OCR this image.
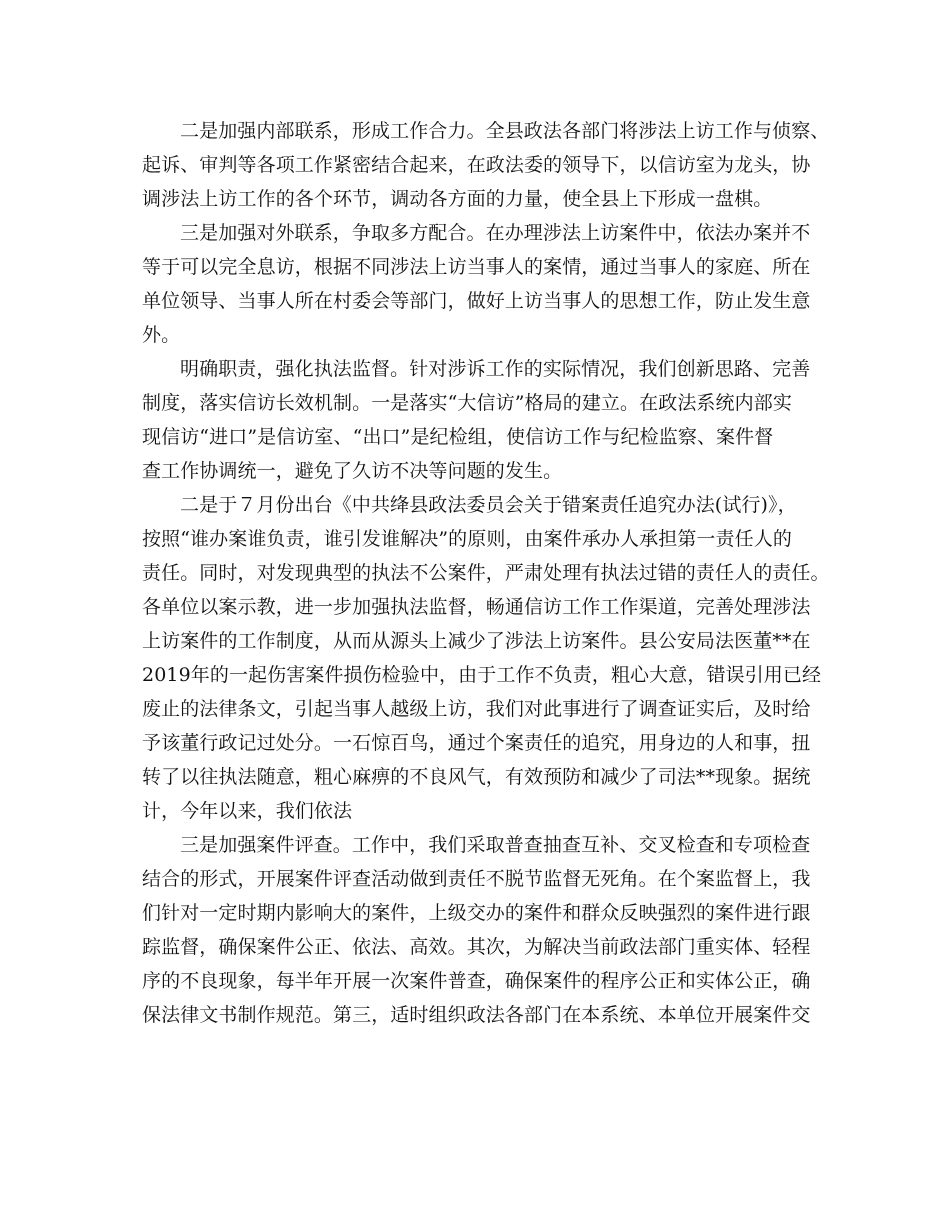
二是加强内部联系，形成工作合力。全县政法各部门将涉法上访工作与侦察、
起诉、审判等各项工作紧密结合起来，在政法委的领导下，以信访室为龙头，协
调涉法上访工作的各个环节，调动各方面的力量，使全县上下形成一盘棋。

三是加强对外联系，争取多方配合。在办理涉法上访案件中，依法办案并不
等于可以完全息访，根据不同涉法上访当事人的案情，通过当事人的家庭、所在
单位领导、当事人所在村委会等部门，做好上访当事人的思想工作，防止发生意
外。

明确职责，强化执法监督。针对涉诉工作的实际情况，我们创新思路、完善
制度，落实信访长效机制。一是落实“大信访”格局的建立。在政法系统内部实
现信访“进口”是信访室、“出口”是纪检组，使信访工作与纪检监察、案件督
查工作协调统一，避免了久访不决等问题的发生。

二是于７月份出台《中共绛县政法委员会关于错案责任追究办法(试行)》，
按照“谁办案谁负责，谁引发谁解决”的原则，由案件承办人承担第一责任人的
责任。同时，对发现典型的执法不公案件，严肃处理有执法过错的责任人的责任。
各单位以案示教，进一步加强执法监督，畅通信访工作工作渠道，完善处理涉法
上访案件的工作制度，从而从源头上减少了涉法上访案件。县公安局法医董**在
2019年的一起伤害案件损伤检验中，由于工作不负责，粗心大意，错误引用已经
废止的法律条文，引起当事人越级上访，我们对此事进行了调查证实后，及时给
予该董行政记过处分。一石惊百鸟，通过个案责任的追究，用身边的人和事，扭
转了以往执法随意，粗心麻痹的不良风气，有效预防和减少了司法**现象。据统
计，今年以来，我们依法

三是加强案件评查。工作中，我们采取普查抽查互补、交叉检查和专项检查
结合的形式，开展案件评查活动做到责任不脱节监督无死角。在个案监督上，我
们针对一定时期内影响大的案件，上级交办的案件和群众反映强烈的案件进行跟
踪监督，确保案件公正、依法、高效。其次，为解决当前政法部门重实体、轻程
序的不良现象，每半年开展一次案件普查，确保案件的程序公正和实体公正，确
保法律文书制作规范。第三，适时组织政法各部门在本系统、本单位开展案件交
